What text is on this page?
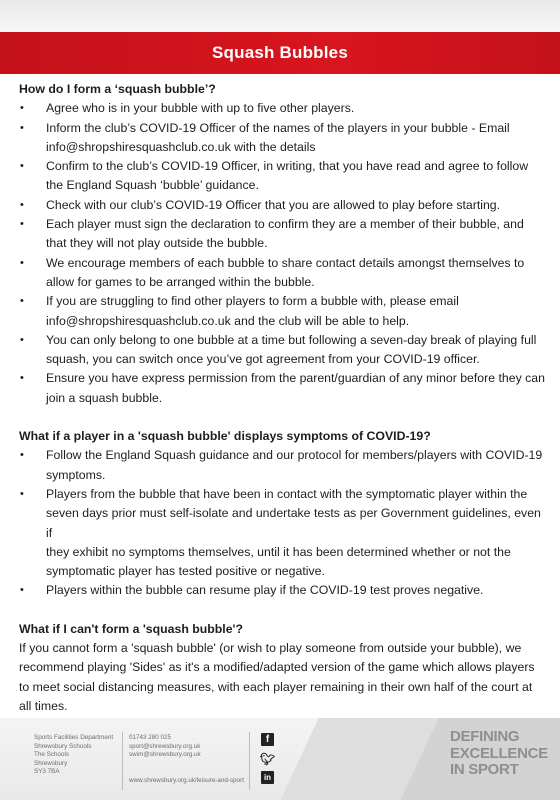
Squash Bubbles
How do I form a ‘squash bubble’?
• Agree who is in your bubble with up to five other players.
• Inform the club’s COVID-19 Officer of the names of the players in your bubble - Email
info@shropshiresquashclub.co.uk with the details
• Confirm to the club’s COVID-19 Officer, in writing, that you have read and agree to follow
the England Squash ‘bubble’ guidance.
• Check with our club’s COVID-19 Officer that you are allowed to play before starting.
• Each player must sign the declaration to confirm they are a member of their bubble, and
that they will not play outside the bubble.
• We encourage members of each bubble to share contact details amongst themselves to
allow for games to be arranged within the bubble.
• If you are struggling to find other players to form a bubble with, please email
info@shropshiresquashclub.co.uk and the club will be able to help.
• You can only belong to one bubble at a time but following a seven-day break of playing full
squash, you can switch once you’ve got agreement from your COVID-19 officer.
• Ensure you have express permission from the parent/guardian of any minor before they can
join a squash bubble.
What if a player in a 'squash bubble' displays symptoms of COVID-19?
• Follow the England Squash guidance and our protocol for members/players with COVID-19
symptoms.
• Players from the bubble that have been in contact with the symptomatic player within the
seven days prior must self-isolate and undertake tests as per Government guidelines, even if
they exhibit no symptoms themselves, until it has been determined whether or not the
symptomatic player has tested positive or negative.
• Players within the bubble can resume play if the COVID-19 test proves negative.
What if I can't form a 'squash bubble'?
If you cannot form a 'squash bubble' (or wish to play someone from outside your bubble), we
recommend playing 'Sides' as it's a modified/adapted version of the game which allows players
to meet social distancing measures, with each player remaining in their own half of the court at
all times.
Sports Facilities Department
Shrewsbury Schools
The Schools
Shrewsbury
SY3 7BA
01743 280 025
sport@shrewsbury.org.uk
swim@shrewsbury.org.uk
www.shrewsbury.org.uk/leisure-and-sport
f
🐦︎
in
DEFINING
EXCELLENCE
IN SPORT
